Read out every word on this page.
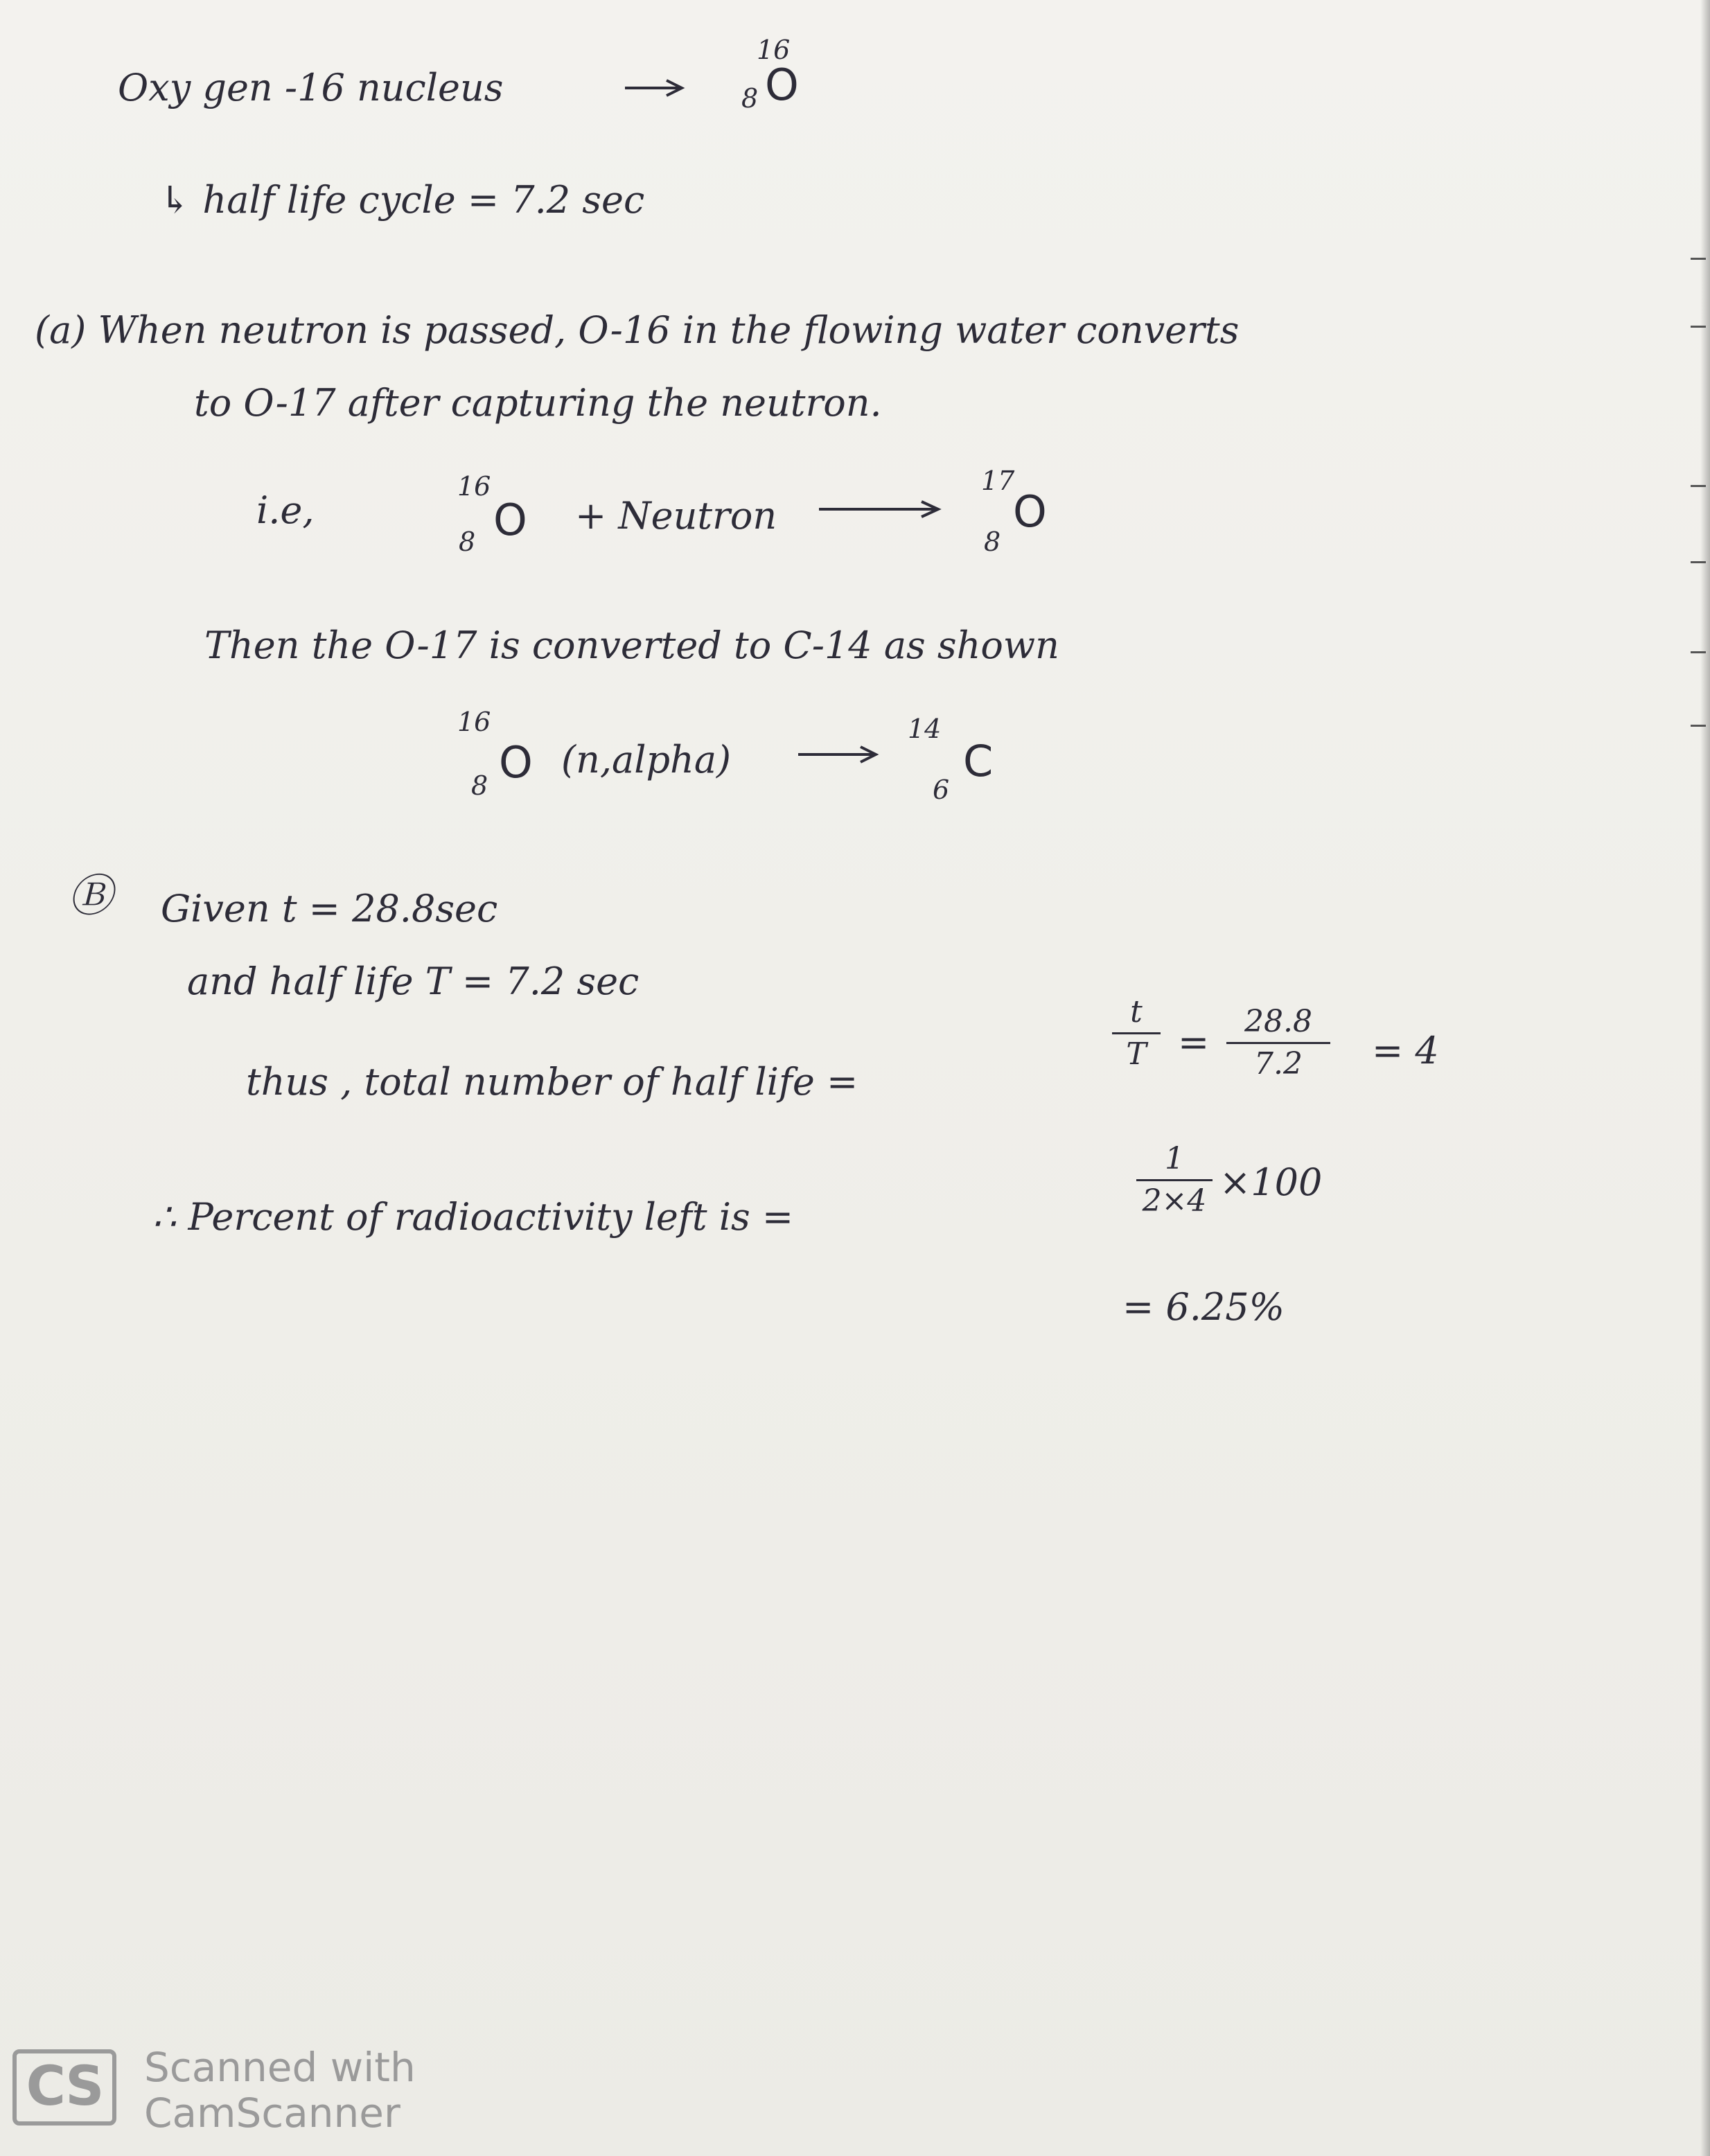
Oxy gen -16 nucleus
16
8 O
↳ half life cycle = 7.2 sec
(a) When neutron is passed, O-16 in the flowing water converts
to O-17 after capturing the neutron.
i.e,
16
8 O + Neutron
17
8
O
Then the O-17 is converted to C-14 as shown
16
8 O (n,alpha)
14
6
C
Ⓑ Given t = 28.8sec
and half life T = 7.2 sec
thus , total number of half life =
t
T =	28.8
7.2	= 4
∴ Percent of radioactivity left is =
1
2×4 ×100
= 6.25%
CS	Scanned with
CamScanner
